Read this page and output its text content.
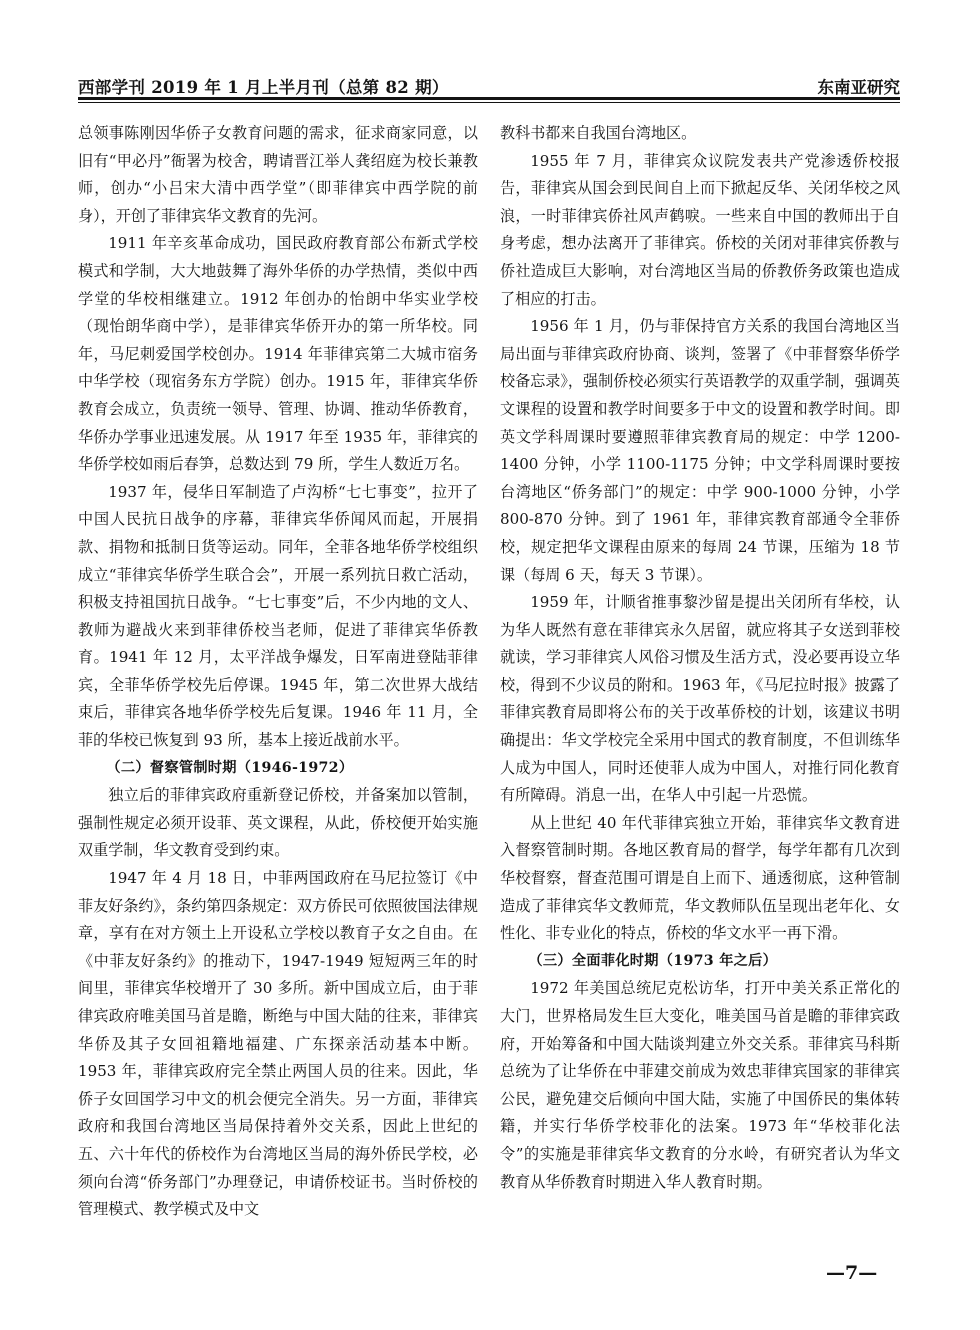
西部学刊 2019 年 1 月上半月刊（总第 82 期）	东南亚研究

总领事陈刚因华侨子女教育问题的需求，征求商家同意，以旧有“甲必丹”衙署为校舍，聘请晋江举人龚绍庭为校长兼教师，创办“小吕宋大清中西学堂”（即菲律宾中西学院的前身），开创了菲律宾华文教育的先河。

1911 年辛亥革命成功，国民政府教育部公布新式学校模式和学制，大大地鼓舞了海外华侨的办学热情，类似中西学堂的华校相继建立。1912 年创办的怡朗中华实业学校（现怡朗华商中学），是菲律宾华侨开办的第一所华校。同年，马尼刺爱国学校创办。1914 年菲律宾第二大城市宿务中华学校（现宿务东方学院）创办。1915 年，菲律宾华侨教育会成立，负责统一领导、管理、协调、推动华侨教育，华侨办学事业迅速发展。从 1917 年至 1935 年，菲律宾的华侨学校如雨后春笋，总数达到 79 所，学生人数近万名。

1937 年，侵华日军制造了卢沟桥“七七事变”，拉开了中国人民抗日战争的序幕，菲律宾华侨闻风而起，开展捐款、捐物和抵制日货等运动。同年，全菲各地华侨学校组织成立“菲律宾华侨学生联合会”，开展一系列抗日救亡活动，积极支持祖国抗日战争。“七七事变”后，不少内地的文人、教师为避战火来到菲律侨校当老师，促进了菲律宾华侨教育。1941 年 12 月，太平洋战争爆发，日军南进登陆菲律宾，全菲华侨学校先后停课。1945 年，第二次世界大战结束后，菲律宾各地华侨学校先后复课。1946 年 11 月，全菲的华校已恢复到 93 所，基本上接近战前水平。

（二）督察管制时期（1946-1972）

独立后的菲律宾政府重新登记侨校，并备案加以管制，强制性规定必须开设菲、英文课程，从此，侨校便开始实施双重学制，华文教育受到约束。

1947 年 4 月 18 日，中菲两国政府在马尼拉签订《中菲友好条约》，条约第四条规定：双方侨民可依照彼国法律规章，享有在对方领土上开设私立学校以教育子女之自由。在《中菲友好条约》的推动下，1947-1949 短短两三年的时间里，菲律宾华校增开了 30 多所。新中国成立后，由于菲律宾政府唯美国马首是瞻，断绝与中国大陆的往来，菲律宾华侨及其子女回祖籍地福建、广东探亲活动基本中断。1953 年，菲律宾政府完全禁止两国人员的往来。因此，华侨子女回国学习中文的机会便完全消失。另一方面，菲律宾政府和我国台湾地区当局保持着外交关系，因此上世纪的五、六十年代的侨校作为台湾地区当局的海外侨民学校，必须向台湾“侨务部门”办理登记，申请侨校证书。当时侨校的管理模式、教学模式及中文

教科书都来自我国台湾地区。

1955 年 7 月，菲律宾众议院发表共产党渗透侨校报告，菲律宾从国会到民间自上而下掀起反华、关闭华校之风浪，一时菲律宾侨社风声鹤唳。一些来自中国的教师出于自身考虑，想办法离开了菲律宾。侨校的关闭对菲律宾侨教与侨社造成巨大影响，对台湾地区当局的侨教侨务政策也造成了相应的打击。

1956 年 1 月，仍与菲保持官方关系的我国台湾地区当局出面与菲律宾政府协商、谈判，签署了《中菲督察华侨学校备忘录》，强制侨校必须实行英语教学的双重学制，强调英文课程的设置和教学时间要多于中文的设置和教学时间。即英文学科周课时要遵照菲律宾教育局的规定：中学 1200-1400 分钟，小学 1100-1175 分钟；中文学科周课时要按台湾地区“侨务部门”的规定：中学 900-1000 分钟，小学 800-870 分钟。到了 1961 年，菲律宾教育部通令全菲侨校，规定把华文课程由原来的每周 24 节课，压缩为 18 节课（每周 6 天，每天 3 节课）。

1959 年，计顺省推事黎沙留是提出关闭所有华校，认为华人既然有意在菲律宾永久居留，就应将其子女送到菲校就读，学习菲律宾人风俗习惯及生活方式，没必要再设立华校，得到不少议员的附和。1963 年，《马尼拉时报》披露了菲律宾教育局即将公布的关于改革侨校的计划，该建议书明确提出：华文学校完全采用中国式的教育制度，不但训练华人成为中国人，同时还使菲人成为中国人，对推行同化教育有所障碍。消息一出，在华人中引起一片恐慌。

从上世纪 40 年代菲律宾独立开始，菲律宾华文教育进入督察管制时期。各地区教育局的督学，每学年都有几次到华校督察，督查范围可谓是自上而下、通透彻底，这种管制造成了菲律宾华文教师荒，华文教师队伍呈现出老年化、女性化、非专业化的特点，侨校的华文水平一再下滑。

（三）全面菲化时期（1973 年之后）

1972 年美国总统尼克松访华，打开中美关系正常化的大门，世界格局发生巨大变化，唯美国马首是瞻的菲律宾政府，开始筹备和中国大陆谈判建立外交关系。菲律宾马科斯总统为了让华侨在中菲建交前成为效忠菲律宾国家的菲律宾公民，避免建交后倾向中国大陆，实施了中国侨民的集体转籍，并实行华侨学校菲化的法案。1973 年“华校菲化法令”的实施是菲律宾华文教育的分水岭，有研究者认为华文教育从华侨教育时期进入华人教育时期。

—7—
